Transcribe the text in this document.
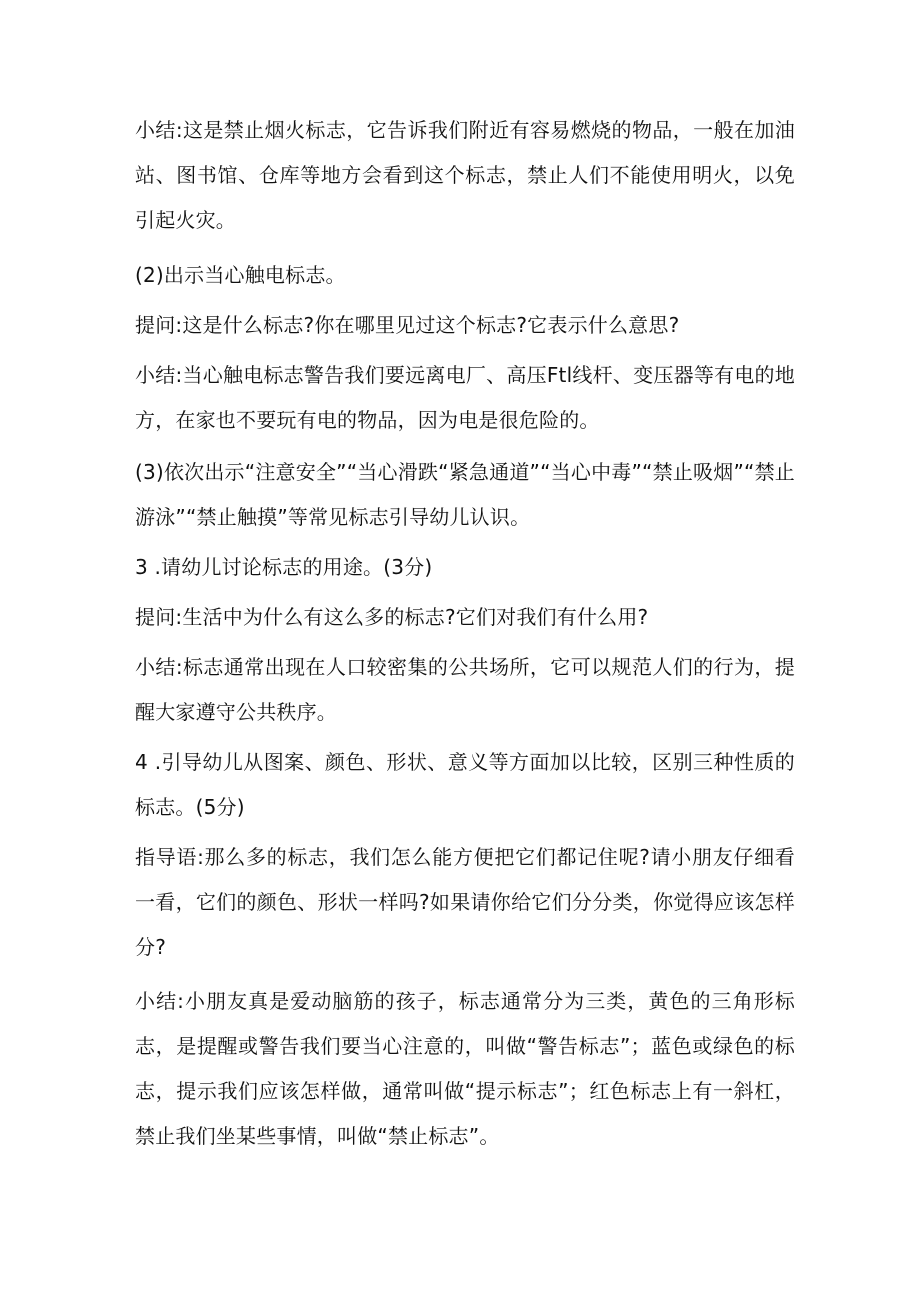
小结:这是禁止烟火标志，它告诉我们附近有容易燃烧的物品，一般在加油站、图书馆、仓库等地方会看到这个标志，禁止人们不能使用明火，以免引起火灾。

(2)出示当心触电标志。

提问:这是什么标志?你在哪里见过这个标志?它表示什么意思?

小结:当心触电标志警告我们要远离电厂、高压Ftl线杆、变压器等有电的地方，在家也不要玩有电的物品，因为电是很危险的。

(3)依次出示“注意安全”“当心滑跌“紧急通道”“当心中毒”“禁止吸烟”“禁止游泳”“禁止触摸”等常见标志引导幼儿认识。

3 .请幼儿讨论标志的用途。(3分)

提问:生活中为什么有这么多的标志?它们对我们有什么用?

小结:标志通常出现在人口较密集的公共场所，它可以规范人们的行为，提醒大家遵守公共秩序。

4 .引导幼儿从图案、颜色、形状、意义等方面加以比较，区别三种性质的标志。(5分)

指导语:那么多的标志，我们怎么能方便把它们都记住呢?请小朋友仔细看一看，它们的颜色、形状一样吗?如果请你给它们分分类，你觉得应该怎样分?

小结:小朋友真是爱动脑筋的孩子，标志通常分为三类，黄色的三角形标志，是提醒或警告我们要当心注意的，叫做“警告标志”；蓝色或绿色的标志，提示我们应该怎样做，通常叫做“提示标志”；红色标志上有一斜杠，禁止我们坐某些事情，叫做“禁止标志”。
